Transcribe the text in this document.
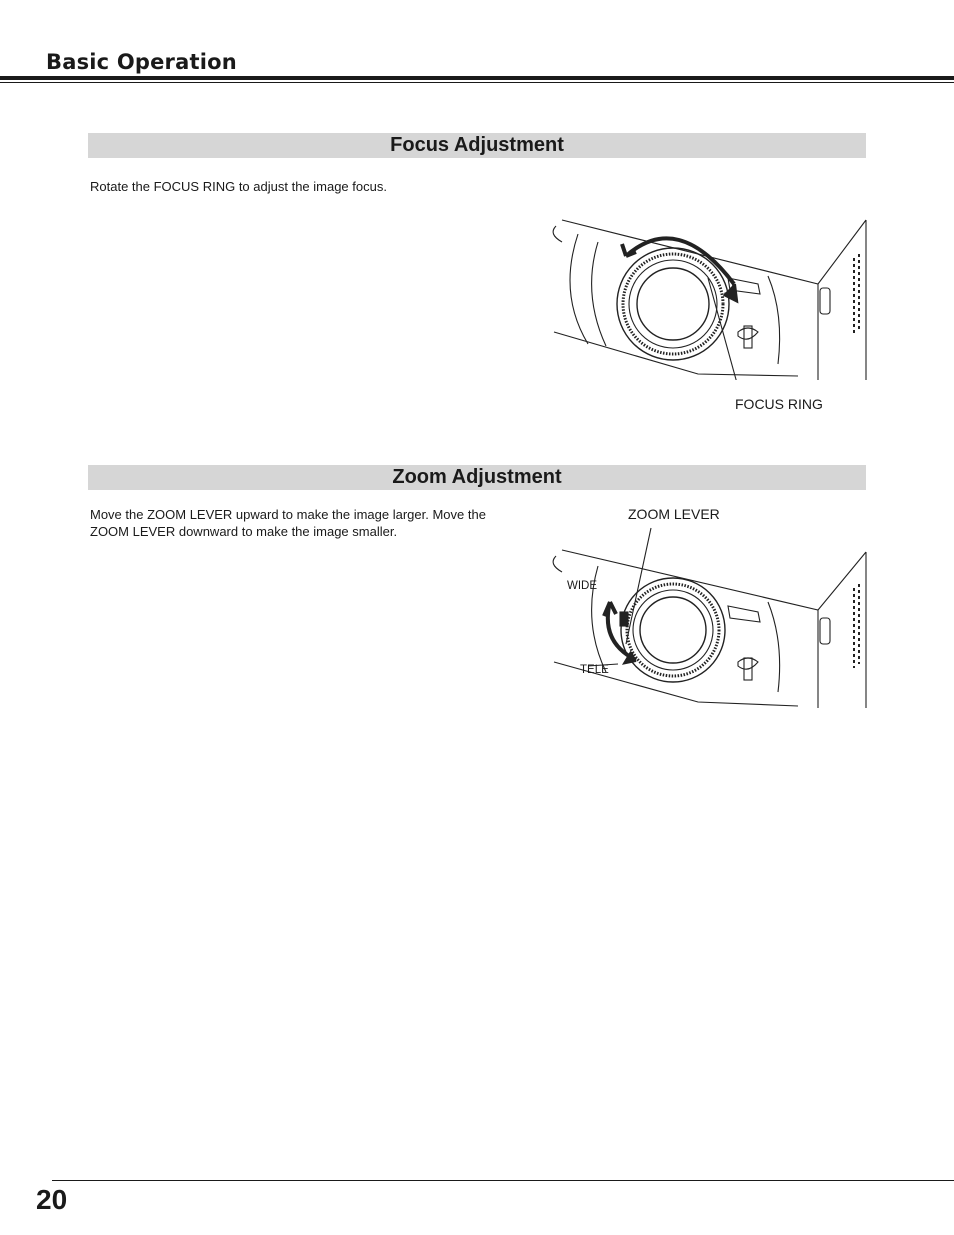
Basic Operation
Focus Adjustment
Rotate the FOCUS RING to adjust the image focus.
FOCUS RING
Zoom Adjustment
Move the ZOOM LEVER upward to make the image larger. Move the
ZOOM LEVER downward to make the image smaller.
ZOOM LEVER
WIDE
TELE
20
